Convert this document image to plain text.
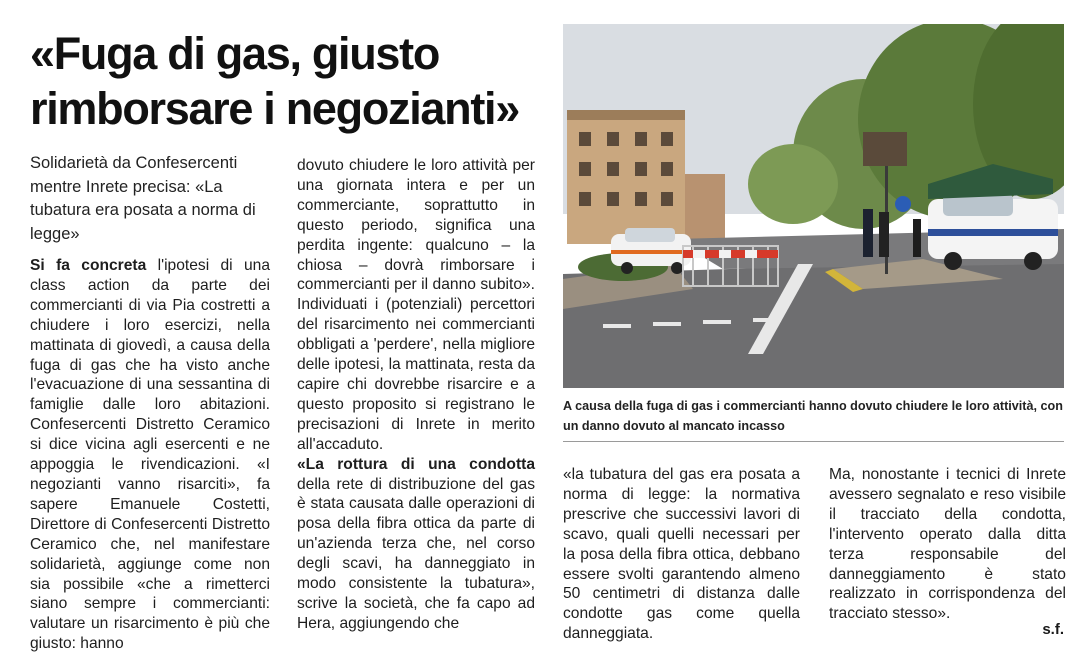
«Fuga di gas, giusto rimborsare i negozianti»

Solidarietà da Confesercenti mentre Inrete precisa: «La tubatura era posata a norma di legge»

Si fa concreta l'ipotesi di una class action da parte dei commercianti di via Pia costretti a chiudere i loro esercizi, nella mattinata di giovedì, a causa della fuga di gas che ha visto anche l'evacuazione di una sessantina di famiglie dalle loro abitazioni. Confesercenti Distretto Ceramico si dice vicina agli esercenti e ne appoggia le rivendicazioni. «I negozianti vanno risarciti», fa sapere Emanuele Costetti, Direttore di Confesercenti Distretto Ceramico che, nel manifestare solidarietà, aggiunge come non sia possibile «che a rimetterci siano sempre i commercianti: valutare un risarcimento è più che giusto: hanno

dovuto chiudere le loro attività per una giornata intera e per un commerciante, soprattutto in questo periodo, significa una perdita ingente: qualcuno – la chiosa – dovrà rimborsare i commercianti per il danno subito». Individuati i (potenziali) percettori del risarcimento nei commercianti obbligati a 'perdere', nella migliore delle ipotesi, la mattinata, resta da capire chi dovrebbe risarcire e a questo proposito si registrano le precisazioni di Inrete in merito all'accaduto.

«La rottura di una condotta della rete di distribuzione del gas è stata causata dalle operazioni di posa della fibra ottica da parte di un'azienda terza che, nel corso degli scavi, ha danneggiato in modo consistente la tubatura», scrive la società, che fa capo ad Hera, aggiungendo che

A causa della fuga di gas i commercianti hanno dovuto chiudere le loro attività, con un danno dovuto al mancato incasso

«la tubatura del gas era posata a norma di legge: la normativa prescrive che successivi lavori di scavo, quali quelli necessari per la posa della fibra ottica, debbano essere svolti garantendo almeno 50 centimetri di distanza dalle condotte gas come quella danneggiata.

Ma, nonostante i tecnici di Inrete avessero segnalato e reso visibile il tracciato della condotta, l'intervento operato dalla ditta terza responsabile del danneggiamento è stato realizzato in corrispondenza del tracciato stesso».

s.f.
